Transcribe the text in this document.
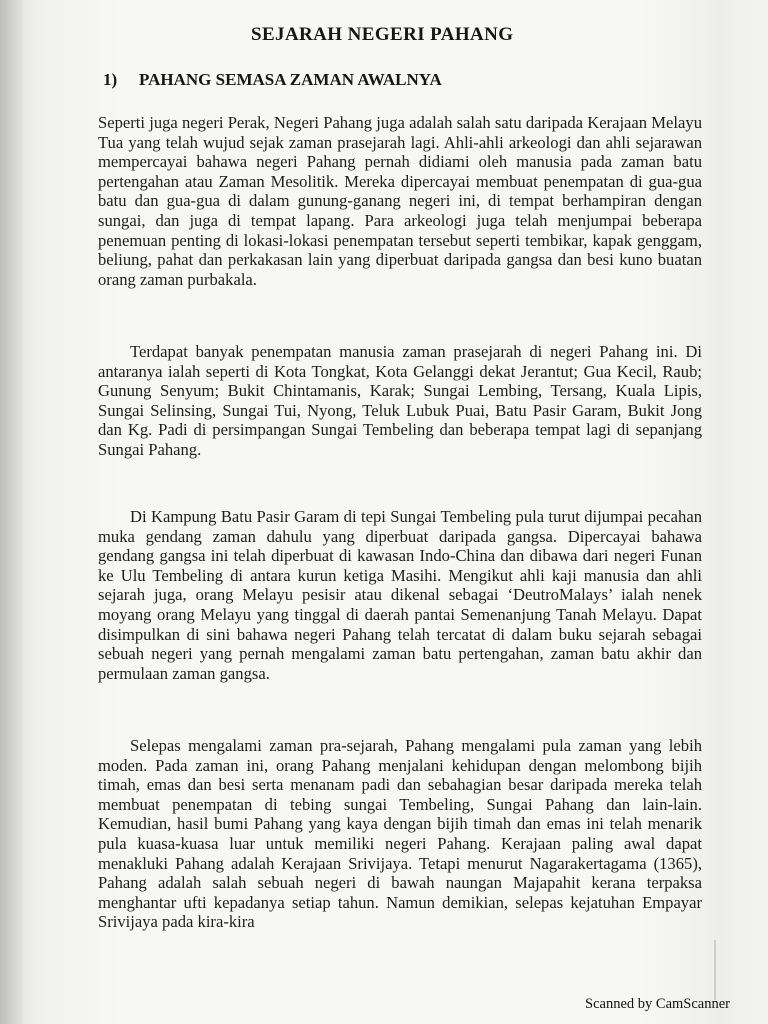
SEJARAH NEGERI PAHANG
1) PAHANG SEMASA ZAMAN AWALNYA

Seperti juga negeri Perak, Negeri Pahang juga adalah salah satu daripada Kerajaan Melayu Tua yang telah wujud sejak zaman prasejarah lagi. Ahli-ahli arkeologi dan ahli sejarawan mempercayai bahawa negeri Pahang pernah didiami oleh manusia pada zaman batu pertengahan atau Zaman Mesolitik. Mereka dipercayai membuat penempatan di gua-gua batu dan gua-gua di dalam gunung-ganang negeri ini, di tempat berhampiran dengan sungai, dan juga di tempat lapang. Para arkeologi juga telah menjumpai beberapa penemuan penting di lokasi-lokasi penempatan tersebut seperti tembikar, kapak genggam, beliung, pahat dan perkakasan lain yang diperbuat daripada gangsa dan besi kuno buatan orang zaman purbakala.

Terdapat banyak penempatan manusia zaman prasejarah di negeri Pahang ini. Di antaranya ialah seperti di Kota Tongkat, Kota Gelanggi dekat Jerantut; Gua Kecil, Raub; Gunung Senyum; Bukit Chintamanis, Karak; Sungai Lembing, Tersang, Kuala Lipis, Sungai Selinsing, Sungai Tui, Nyong, Teluk Lubuk Puai, Batu Pasir Garam, Bukit Jong dan Kg. Padi di persimpangan Sungai Tembeling dan beberapa tempat lagi di sepanjang Sungai Pahang.

Di Kampung Batu Pasir Garam di tepi Sungai Tembeling pula turut dijumpai pecahan muka gendang zaman dahulu yang diperbuat daripada gangsa. Dipercayai bahawa gendang gangsa ini telah diperbuat di kawasan Indo-China dan dibawa dari negeri Funan ke Ulu Tembeling di antara kurun ketiga Masihi. Mengikut ahli kaji manusia dan ahli sejarah juga, orang Melayu pesisir atau dikenal sebagai ‘DeutroMalays’ ialah nenek moyang orang Melayu yang tinggal di daerah pantai Semenanjung Tanah Melayu. Dapat disimpulkan di sini bahawa negeri Pahang telah tercatat di dalam buku sejarah sebagai sebuah negeri yang pernah mengalami zaman batu pertengahan, zaman batu akhir dan permulaan zaman gangsa.

Selepas mengalami zaman pra-sejarah, Pahang mengalami pula zaman yang lebih moden. Pada zaman ini, orang Pahang menjalani kehidupan dengan melombong bijih timah, emas dan besi serta menanam padi dan sebahagian besar daripada mereka telah membuat penempatan di tebing sungai Tembeling, Sungai Pahang dan lain-lain. Kemudian, hasil bumi Pahang yang kaya dengan bijih timah dan emas ini telah menarik pula kuasa-kuasa luar untuk memiliki negeri Pahang. Kerajaan paling awal dapat menakluki Pahang adalah Kerajaan Srivijaya. Tetapi menurut Nagarakertagama (1365), Pahang adalah salah sebuah negeri di bawah naungan Majapahit kerana terpaksa menghantar ufti kepadanya setiap tahun. Namun demikian, selepas kejatuhan Empayar Srivijaya pada kira-kira

Scanned by CamScanner
